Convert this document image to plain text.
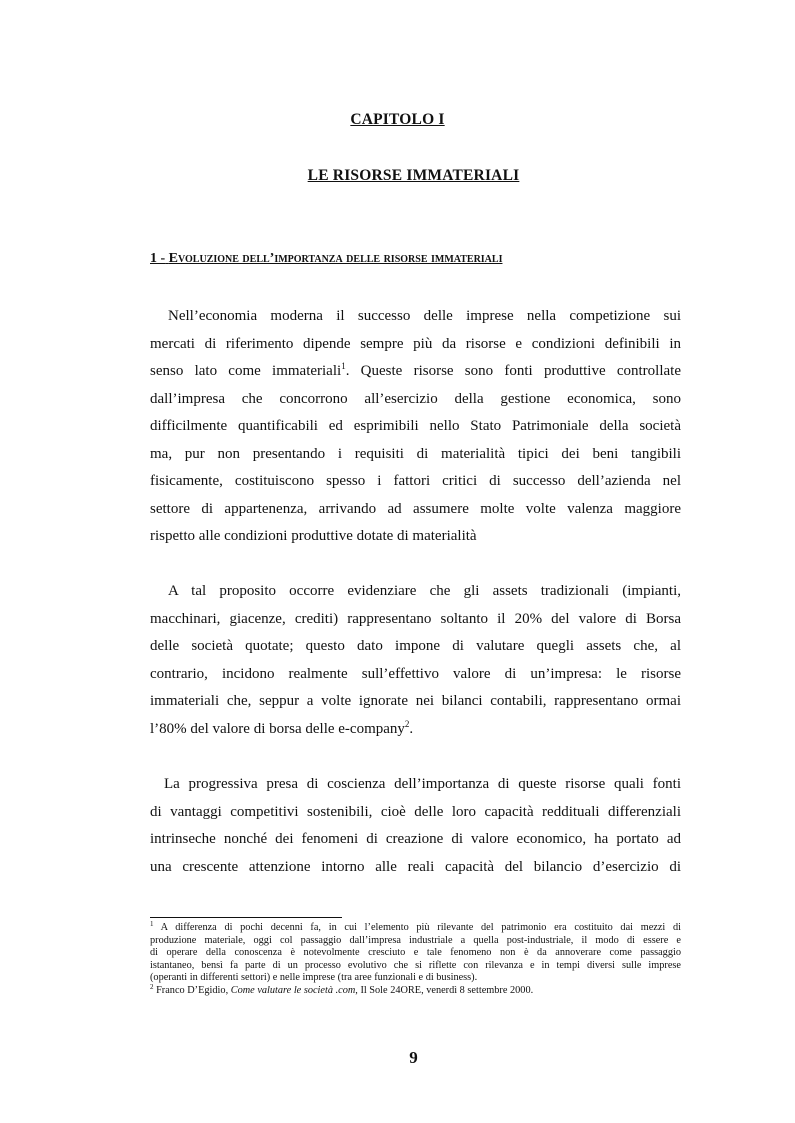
CAPITOLO I
LE RISORSE IMMATERIALI
1 - Evoluzione dell’importanza delle risorse immateriali
Nell’economia moderna il successo delle imprese nella competizione sui
mercati di riferimento dipende sempre più da risorse e condizioni definibili in
senso lato come immateriali$^1$. Queste risorse sono fonti produttive controllate
dall’impresa che concorrono all’esercizio della gestione economica, sono
difficilmente quantificabili ed esprimibili nello Stato Patrimoniale della società
ma, pur non presentando i requisiti di materialità tipici dei beni tangibili
fisicamente, costituiscono spesso i fattori critici di successo dell’azienda nel
settore di appartenenza, arrivando ad assumere molte volte valenza maggiore
rispetto alle condizioni produttive dotate di materialità
A tal proposito occorre evidenziare che gli assets tradizionali (impianti,
macchinari, giacenze, crediti) rappresentano soltanto il 20% del valore di Borsa
delle società quotate; questo dato impone di valutare quegli assets che, al
contrario, incidono realmente sull’effettivo valore di un’impresa: le risorse
immateriali che, seppur a volte ignorate nei bilanci contabili, rappresentano ormai
l’80% del valore di borsa delle e-company$^2$.
La progressiva presa di coscienza dell’importanza di queste risorse quali fonti
di vantaggi competitivi sostenibili, cioè delle loro capacità reddituali differenziali
intrinseche nonché dei fenomeni di creazione di valore economico, ha portato ad
una crescente attenzione intorno alle reali capacità del bilancio d’esercizio di
$^1$ A differenza di pochi decenni fa, in cui l’elemento più rilevante del patrimonio era costituito dai mezzi di
produzione materiale, oggi col passaggio dall’impresa industriale a quella post-industriale, il modo di essere e
di operare della conoscenza è notevolmente cresciuto e tale fenomeno non è da annoverare come passaggio
istantaneo, bensì fa parte di un processo evolutivo che si riflette con rilevanza e in tempi diversi sulle imprese
(operanti in differenti settori) e nelle imprese (tra aree funzionali e di business).
$^2$ Franco D’Egidio, Come valutare le società .com, Il Sole 24ORE, venerdì 8 settembre 2000.
9
